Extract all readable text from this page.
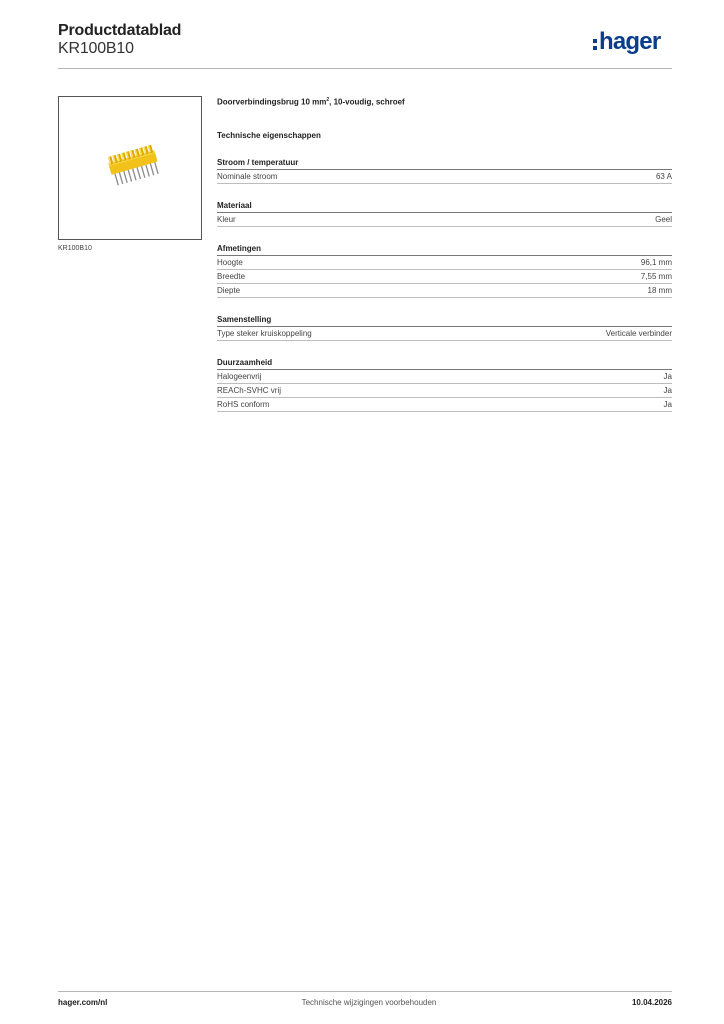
Productdatablad
KR100B10	hager
KR100B10
Doorverbindingsbrug 10 $mm^2$, 10-voudig, schroef
Technische eigenschappen
Stroom / temperatuur
Nominale stroom	63 A
Materiaal
Kleur	Geel
Afmetingen
Hoogte	96,1 mm
Breedte	7,55 mm
Diepte	18 mm
Samenstelling
Type steker kruiskoppeling	Verticale verbinder
Duurzaamheid
Halogeenvrij	Ja
REACh-SVHC vrij	Ja
RoHS conform	Ja
hager.com/nl	Technische wijzigingen voorbehouden	10.04.2026
